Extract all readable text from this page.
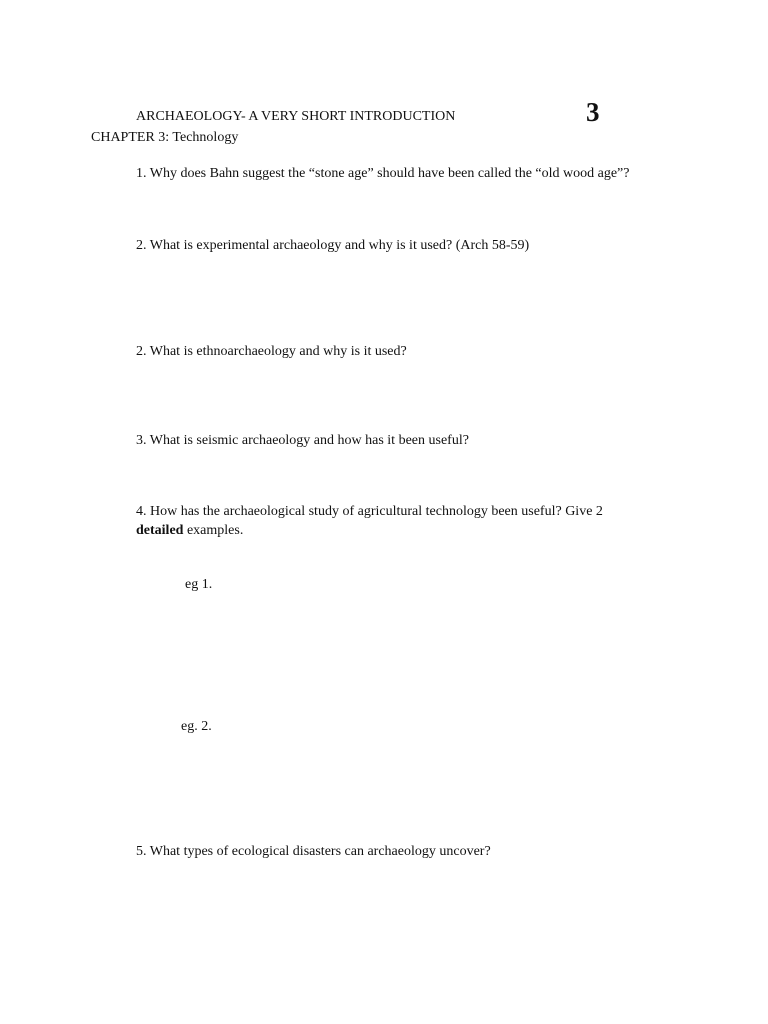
ARCHAEOLOGY- A VERY SHORT INTRODUCTION	3
CHAPTER 3: Technology
1. Why does Bahn suggest the “stone age” should have been called the “old wood age”?
2. What is experimental archaeology and why is it used? (Arch 58-59)
2. What is ethnoarchaeology and why is it used?
3. What is seismic archaeology and how has it been useful?
4. How has the archaeological study of agricultural technology been useful? Give 2
detailed examples.
eg 1.
eg. 2.
5. What types of ecological disasters can archaeology uncover?
